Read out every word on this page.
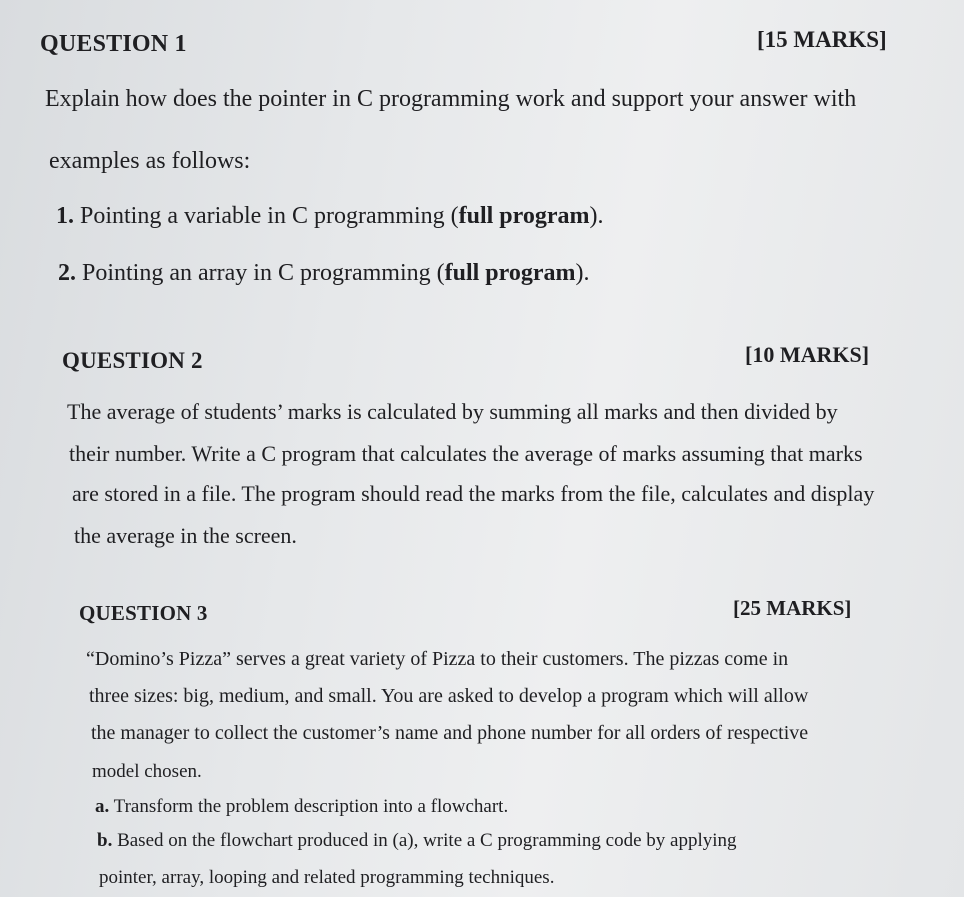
QUESTION 1	[15 MARKS]
Explain how does the pointer in C programming work and support your answer with
examples as follows:
1. Pointing a variable in C programming (full program).
2. Pointing an array in C programming (full program).
QUESTION 2	[10 MARKS]
The average of students’ marks is calculated by summing all marks and then divided by
their number. Write a C program that calculates the average of marks assuming that marks
are stored in a file. The program should read the marks from the file, calculates and display
the average in the screen.
QUESTION 3	[25 MARKS]
“Domino’s Pizza” serves a great variety of Pizza to their customers. The pizzas come in
three sizes: big, medium, and small. You are asked to develop a program which will allow
the manager to collect the customer’s name and phone number for all orders of respective
model chosen.
a. Transform the problem description into a flowchart.
b. Based on the flowchart produced in (a), write a C programming code by applying
pointer, array, looping and related programming techniques.
